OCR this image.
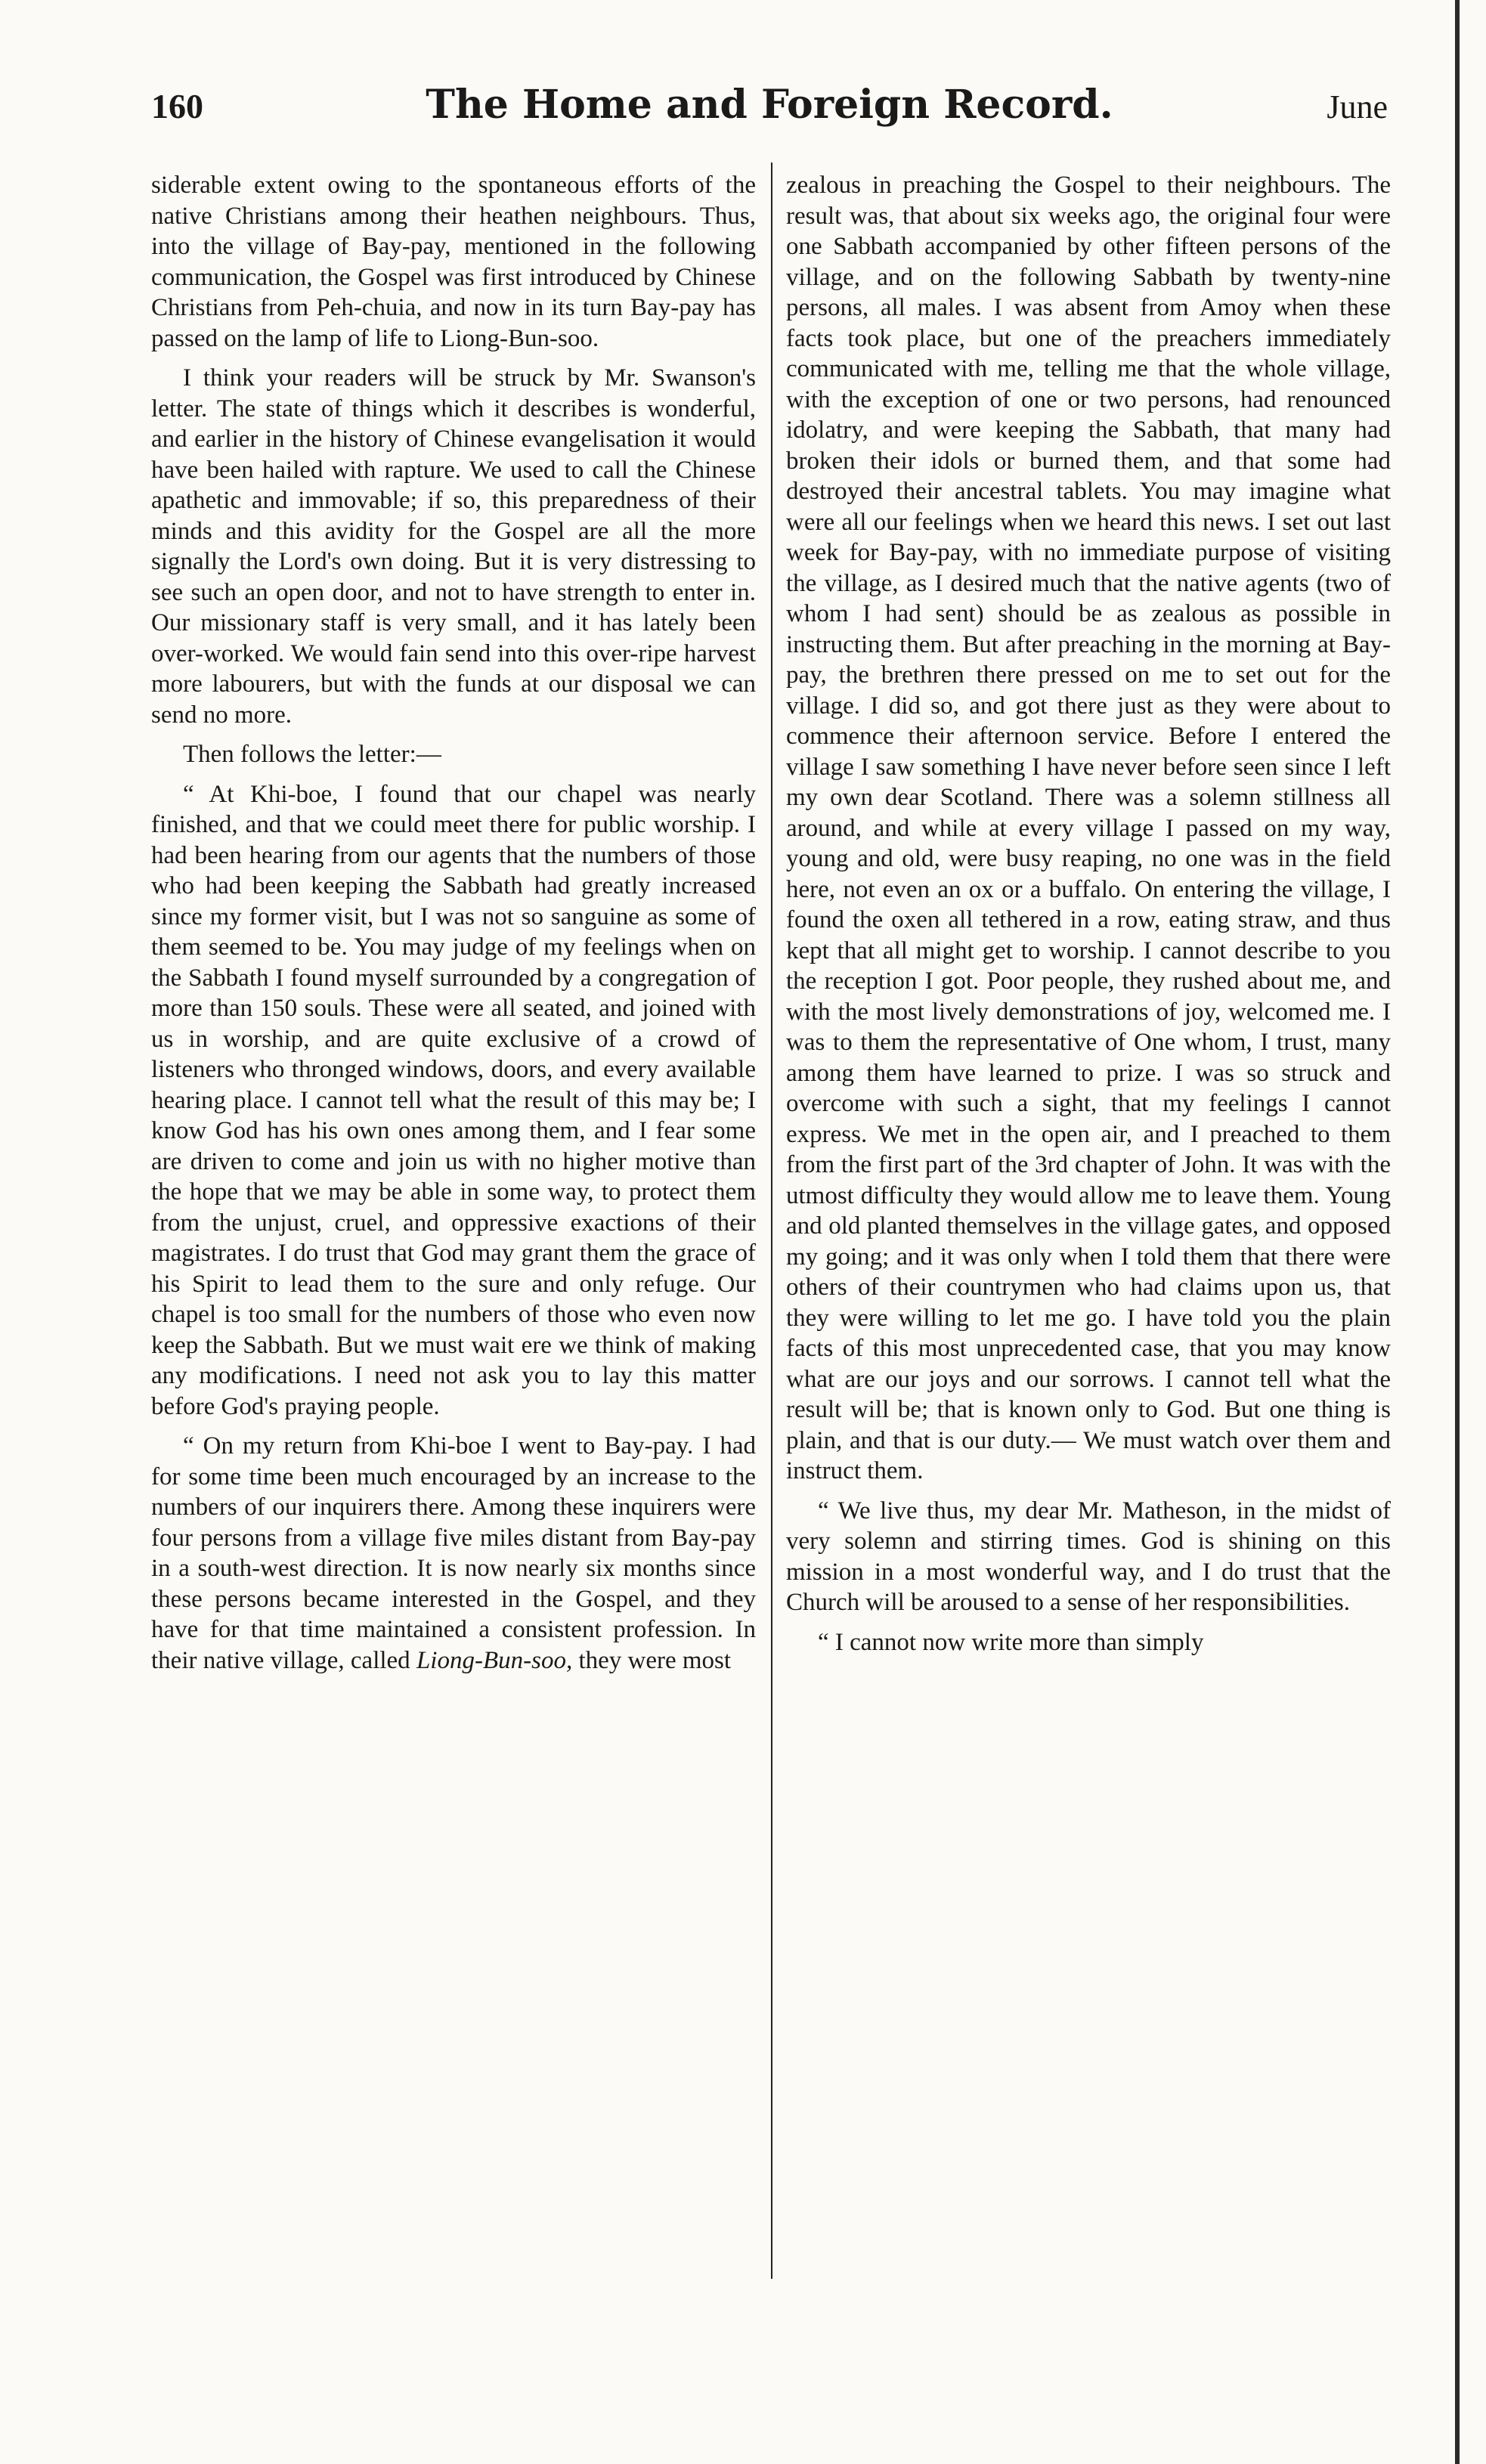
160	The Home and Foreign Record.	June

siderable extent owing to the spontaneous efforts of the native Christians among their heathen neighbours. Thus, into the village of Bay-pay, mentioned in the following communication, the Gospel was first introduced by Chinese Christians from Peh-chuia, and now in its turn Bay-pay has passed on the lamp of life to Liong-Bun-soo.

I think your readers will be struck by Mr. Swanson's letter. The state of things which it describes is wonderful, and earlier in the history of Chinese evangelisation it would have been hailed with rapture. We used to call the Chinese apathetic and immovable; if so, this preparedness of their minds and this avidity for the Gospel are all the more signally the Lord's own doing. But it is very distressing to see such an open door, and not to have strength to enter in. Our missionary staff is very small, and it has lately been over-worked. We would fain send into this over-ripe harvest more labourers, but with the funds at our disposal we can send no more.

Then follows the letter:—

“ At Khi-boe, I found that our chapel was nearly finished, and that we could meet there for public worship. I had been hearing from our agents that the numbers of those who had been keeping the Sabbath had greatly increased since my former visit, but I was not so sanguine as some of them seemed to be. You may judge of my feelings when on the Sabbath I found myself surrounded by a congregation of more than 150 souls. These were all seated, and joined with us in worship, and are quite exclusive of a crowd of listeners who thronged windows, doors, and every available hearing place. I cannot tell what the result of this may be; I know God has his own ones among them, and I fear some are driven to come and join us with no higher motive than the hope that we may be able in some way, to protect them from the unjust, cruel, and oppressive exactions of their magistrates. I do trust that God may grant them the grace of his Spirit to lead them to the sure and only refuge. Our chapel is too small for the numbers of those who even now keep the Sabbath. But we must wait ere we think of making any modifications. I need not ask you to lay this matter before God's praying people.

“ On my return from Khi-boe I went to Bay-pay. I had for some time been much encouraged by an increase to the numbers of our inquirers there. Among these inquirers were four persons from a village five miles distant from Bay-pay in a south-west direction. It is now nearly six months since these persons became interested in the Gospel, and they have for that time maintained a consistent profession. In their native village, called Liong-Bun-soo, they were most

zealous in preaching the Gospel to their neighbours. The result was, that about six weeks ago, the original four were one Sabbath accompanied by other fifteen persons of the village, and on the following Sabbath by twenty-nine persons, all males. I was absent from Amoy when these facts took place, but one of the preachers immediately communicated with me, telling me that the whole village, with the exception of one or two persons, had renounced idolatry, and were keeping the Sabbath, that many had broken their idols or burned them, and that some had destroyed their ancestral tablets. You may imagine what were all our feelings when we heard this news. I set out last week for Bay-pay, with no immediate purpose of visiting the village, as I desired much that the native agents (two of whom I had sent) should be as zealous as possible in instructing them. But after preaching in the morning at Bay-pay, the brethren there pressed on me to set out for the village. I did so, and got there just as they were about to commence their afternoon service. Before I entered the village I saw something I have never before seen since I left my own dear Scotland. There was a solemn stillness all around, and while at every village I passed on my way, young and old, were busy reaping, no one was in the field here, not even an ox or a buffalo. On entering the village, I found the oxen all tethered in a row, eating straw, and thus kept that all might get to worship. I cannot describe to you the reception I got. Poor people, they rushed about me, and with the most lively demonstrations of joy, welcomed me. I was to them the representative of One whom, I trust, many among them have learned to prize. I was so struck and overcome with such a sight, that my feelings I cannot express. We met in the open air, and I preached to them from the first part of the 3rd chapter of John. It was with the utmost difficulty they would allow me to leave them. Young and old planted themselves in the village gates, and opposed my going; and it was only when I told them that there were others of their countrymen who had claims upon us, that they were willing to let me go. I have told you the plain facts of this most unprecedented case, that you may know what are our joys and our sorrows. I cannot tell what the result will be; that is known only to God. But one thing is plain, and that is our duty.— We must watch over them and instruct them.

“ We live thus, my dear Mr. Matheson, in the midst of very solemn and stirring times. God is shining on this mission in a most wonderful way, and I do trust that the Church will be aroused to a sense of her responsibilities.

“ I cannot now write more than simply
